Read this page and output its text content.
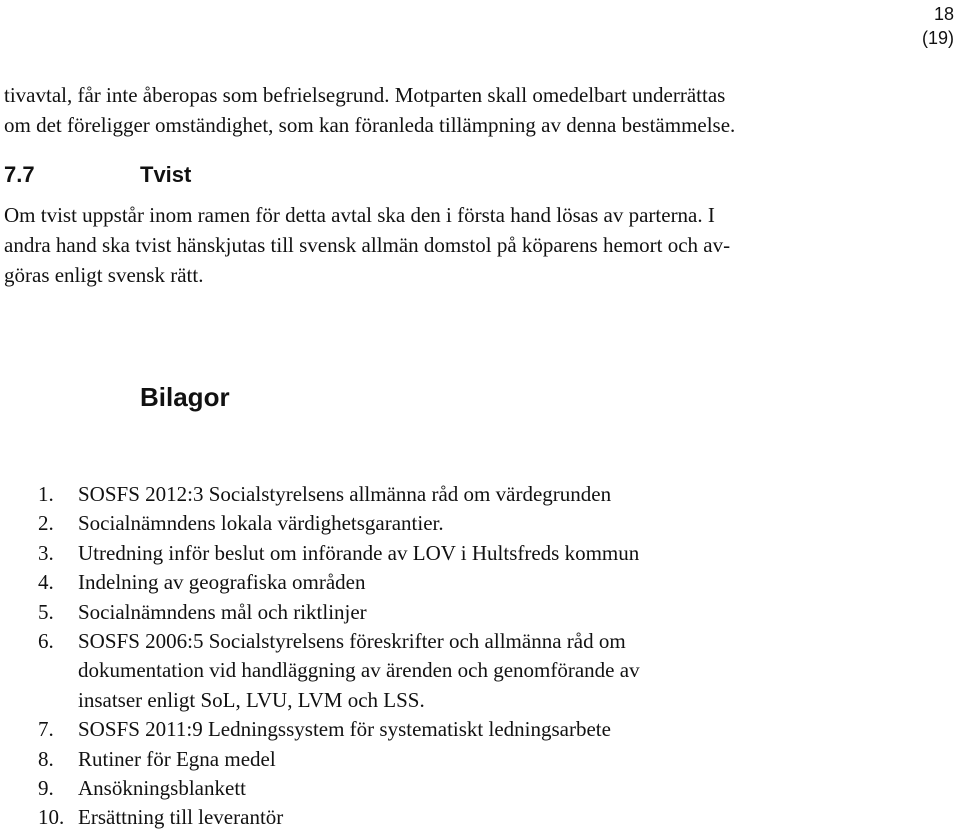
18
(19)
tivavtal, får inte åberopas som befrielsegrund. Motparten skall omedelbart underrättas
om det föreligger omständighet, som kan föranleda tillämpning av denna bestämmelse.
7.7	Tvist
Om tvist uppstår inom ramen för detta avtal ska den i första hand lösas av parterna. I
andra hand ska tvist hänskjutas till svensk allmän domstol på köparens hemort och av-
göras enligt svensk rätt.
Bilagor
1.	SOSFS 2012:3 Socialstyrelsens allmänna råd om värdegrunden
2.	Socialnämndens lokala värdighetsgarantier.
3.	Utredning inför beslut om införande av LOV i Hultsfreds kommun
4.	Indelning av geografiska områden
5.	Socialnämndens mål och riktlinjer
6.	SOSFS 2006:5 Socialstyrelsens föreskrifter och allmänna råd om
dokumentation vid handläggning av ärenden och genomförande av
insatser enligt SoL, LVU, LVM och LSS.
7.	SOSFS 2011:9 Ledningssystem för systematiskt ledningsarbete
8.	Rutiner för Egna medel
9.	Ansökningsblankett
10. Ersättning till leverantör
